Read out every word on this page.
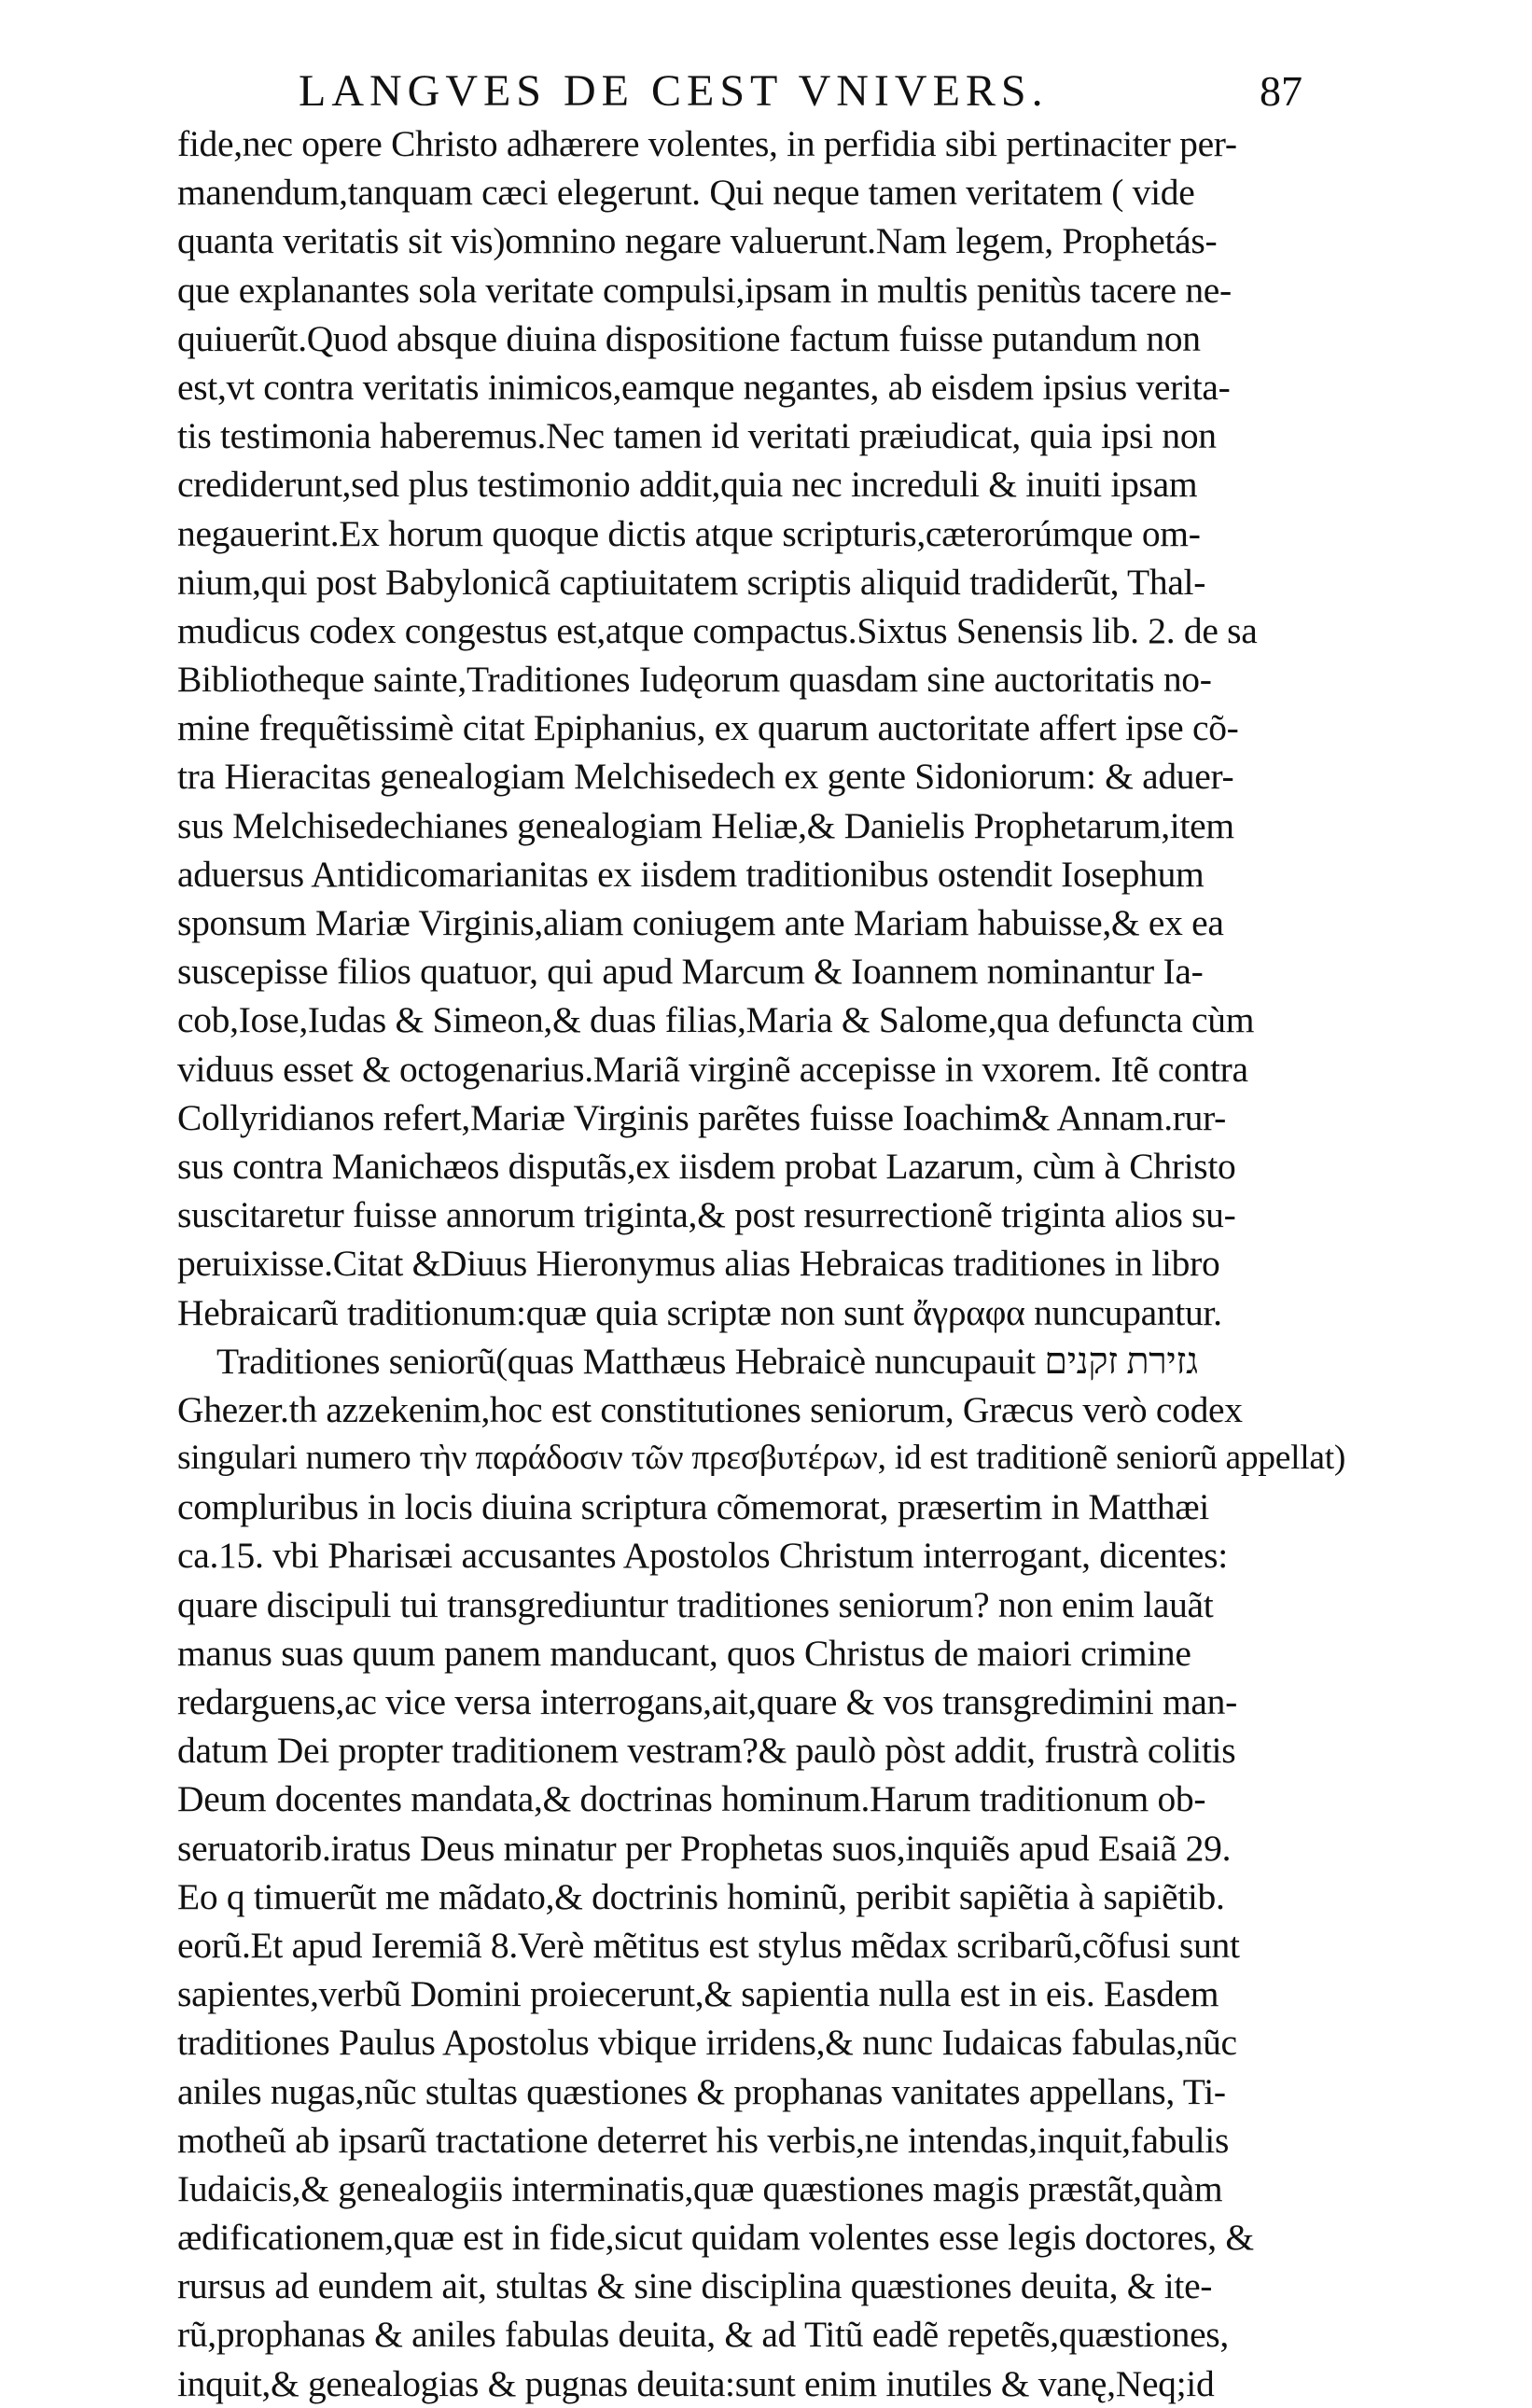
LANGVES DE CEST VNIVERS.	87
fide,nec opere Christo adhærere volentes, in perfidia sibi pertinaciter per-
manendum,tanquam cæci elegerunt. Qui neque tamen veritatem ( vide
quanta veritatis sit vis)omnino negare valuerunt.Nam legem, Prophetás-
que explanantes sola veritate compulsi,ipsam in multis penitùs tacere ne-
quiuerũt.Quod absque diuina dispositione factum fuisse putandum non
est,vt contra veritatis inimicos,eamque negantes, ab eisdem ipsius verita-
tis testimonia haberemus.Nec tamen id veritati præiudicat, quia ipsi non
crediderunt,sed plus testimonio addit,quia nec increduli & inuiti ipsam
negauerint.Ex horum quoque dictis atque scripturis,cæterorúmque om-
nium,qui post Babylonicã captiuitatem scriptis aliquid tradiderũt, Thal-
mudicus codex congestus est,atque compactus.Sixtus Senensis lib. 2. de sa
Bibliotheque sainte,Traditiones Iudęorum quasdam sine auctoritatis no-
mine frequẽtissimè citat Epiphanius, ex quarum auctoritate affert ipse cõ-
tra Hieracitas genealogiam Melchisedech ex gente Sidoniorum: & aduer-
sus Melchisedechianes genealogiam Heliæ,& Danielis Prophetarum,item
aduersus Antidicomarianitas ex iisdem traditionibus ostendit Iosephum
sponsum Mariæ Virginis,aliam coniugem ante Mariam habuisse,& ex ea
suscepisse filios quatuor, qui apud Marcum & Ioannem nominantur Ia-
cob,Iose,Iudas & Simeon,& duas filias,Maria & Salome,qua defuncta cùm
viduus esset & octogenarius.Mariã virginẽ accepisse in vxorem. Itẽ contra
Collyridianos refert,Mariæ Virginis parẽtes fuisse Ioachim& Annam.rur-
sus contra Manichæos disputãs,ex iisdem probat Lazarum, cùm à Christo
suscitaretur fuisse annorum triginta,& post resurrectionẽ triginta alios su-
peruixisse.Citat &Diuus Hieronymus alias Hebraicas traditiones in libro
Hebraicarũ traditionum:quæ quia scriptæ non sunt ἄγραφα nuncupantur.
Traditiones seniorũ(quas Matthæus Hebraicè nuncupauit גזירת זקנים
Ghezer.th azzekenim,hoc est constitutiones seniorum, Græcus verò codex
singulari numero τὴν παράδοσιν τῶν πρεσβυτέρων, id est traditionẽ seniorũ appellat)
compluribus in locis diuina scriptura cõmemorat, præsertim in Matthæi
ca.15. vbi Pharisæi accusantes Apostolos Christum interrogant, dicentes:
quare discipuli tui transgrediuntur traditiones seniorum? non enim lauãt
manus suas quum panem manducant, quos Christus de maiori crimine
redarguens,ac vice versa interrogans,ait,quare & vos transgredimini man-
datum Dei propter traditionem vestram?& paulò pòst addit, frustrà colitis
Deum docentes mandata,& doctrinas hominum.Harum traditionum ob-
seruatorib.iratus Deus minatur per Prophetas suos,inquiẽs apud Esaiã 29.
Eo q timuerũt me mãdato,& doctrinis hominũ, peribit sapiẽtia à sapiẽtib.
eorũ.Et apud Ieremiã 8.Verè mẽtitus est stylus mẽdax scribarũ,cõfusi sunt
sapientes,verbũ Domini proiecerunt,& sapientia nulla est in eis. Easdem
traditiones Paulus Apostolus vbique irridens,& nunc Iudaicas fabulas,nũc
aniles nugas,nũc stultas quæstiones & prophanas vanitates appellans, Ti-
motheũ ab ipsarũ tractatione deterret his verbis,ne intendas,inquit,fabulis
Iudaicis,& genealogiis interminatis,quæ quæstiones magis præstãt,quàm
ædificationem,quæ est in fide,sicut quidam volentes esse legis doctores, &
rursus ad eundem ait, stultas & sine disciplina quæstiones deuita, & ite-
rũ,prophanas & aniles fabulas deuita, & ad Titũ eadẽ repetẽs,quæstiones,
inquit,& genealogias & pugnas deuita:sunt enim inutiles & vanę,Neq;id
